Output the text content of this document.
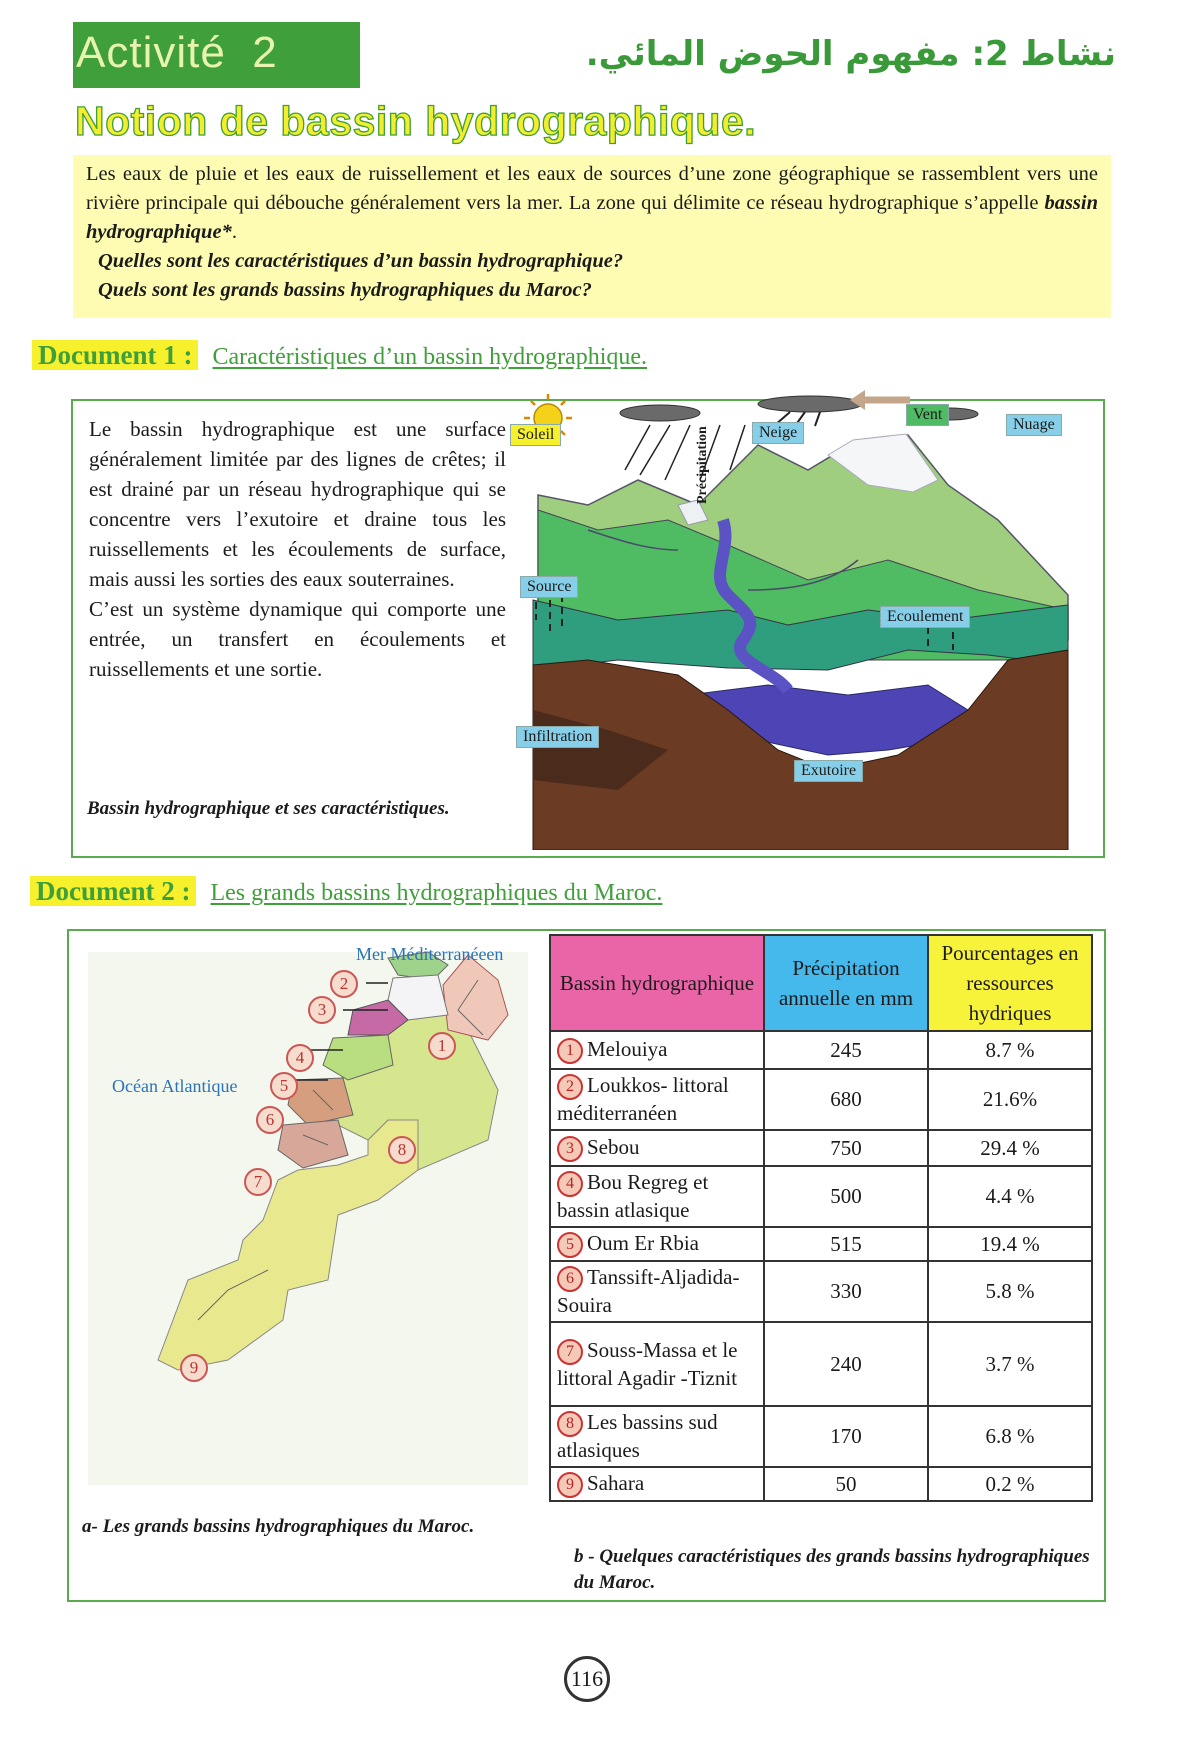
Activité  2	نشاط 2: مفهوم الحوض المائي.
Notion de bassin hydrographique.
Les eaux de pluie et les eaux de ruissellement et les eaux de sources d’une zone géographique se rassemblent vers une rivière principale qui débouche généralement vers la mer. La zone qui délimite ce réseau hydrographique s’appelle bassin hydrographique*.
Quelles sont les caractéristiques d’un bassin hydrographique?
Quels sont les grands bassins hydrographiques du Maroc?
Document 1 : Caractéristiques d’un bassin hydrographique.
Le bassin hydrographique est une surface généralement limitée par des lignes de crêtes; il est drainé par un réseau hydrographique qui se concentre vers l’exutoire et draine tous les ruissellements et les écoulements de surface, mais aussi les sorties des eaux souterraines.
C’est un système dynamique qui comporte une entrée, un transfert en écoulements et ruissellements et une sortie.
Bassin hydrographique et ses caractéristiques.
Soleil	Précipitation	Neige
Vent
Nuage
Source
Ecoulement
Infiltration
Exutoire
Document 2 : Les grands bassins hydrographiques du Maroc.
2
3
1
4
5
6
8
7
9
Mer Méditerranéeen
Océan Atlantique
a- Les grands bassins hydrographiques du Maroc.
Bassin hydrographique	Précipitation annuelle en mm	Pourcentages en ressources hydriques
1 Melouiya	245	8.7 %
2 Loukkos- littoral méditerranéen	680	21.6%
3 Sebou	750	29.4 %
4 Bou Regreg et bassin atlasique	500	4.4 %
5 Oum Er Rbia	515	19.4 %
6 Tanssift-Aljadida-Souira	330	5.8 %
7 Souss-Massa et le littoral Agadir -Tiznit	240	3.7 %
8 Les bassins sud atlasiques	170	6.8 %
9 Sahara	50	0.2 %
b - Quelques caractéristiques des grands bassins hydrographiques du Maroc.
116
